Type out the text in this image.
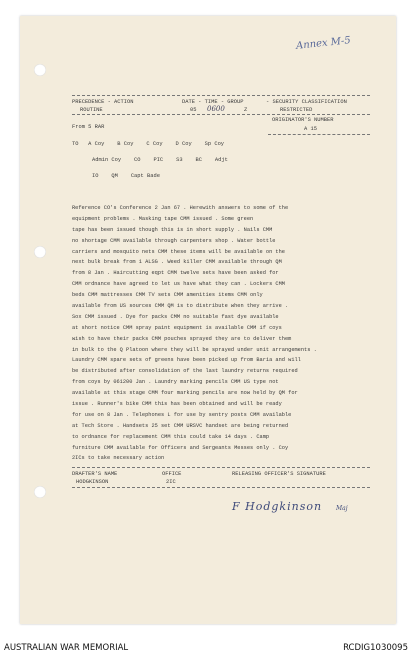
Annex M-5
PRECEDENCE - ACTION
ROUTINE
DATE - TIME - GROUP
05 0600	Z
- SECURITY CLASSIFICATION
RESTRICTED
ORIGINATOR'S NUMBER
A 15
From 5 RAR
TO   A Coy    B Coy    C Coy    D Coy    Sp Coy
Admin Coy    CO    PIC    S3    BC    Adjt
IO    QM    Capt Bade
Reference CO's Conference 2 Jan 67 . Herewith answers to some of the
equipment problems . Masking tape CMM issued . Some green
tape has been issued though this is in short supply . Nails CMM
no shortage CMM available through carpenters shop . Water bottle
carriers and mosquito nets CMM these items will be available on the
next bulk break from 1 ALSG . Weed killer CMM available through QM
from 8 Jan . Haircutting eqpt CMM twelve sets have been asked for
CMM ordnance have agreed to let us have what they can . Lockers CMM
beds CMM mattresses CMM TV sets CMM amenities items CMM only
available from US sources CMM QM is to distribute when they arrive .
Sox CMM issued . Dye for packs CMM no suitable fast dye available
at short notice CMM spray paint equipment is available CMM if coys
wish to have their packs CMM pouches sprayed they are to deliver them
in bulk to the Q Platoon where they will be sprayed under unit arrangements .
Laundry CMM spare sets of greens have been picked up from Baria and will
be distributed after consolidation of the last laundry returns required
from coys by 061200 Jan . Laundry marking pencils CMM US type not
available at this stage CMM four marking pencils are now held by QM for
issue . Runner's bike CMM this has been obtained and will be ready
for use on 8 Jan . Telephones L for use by sentry posts CMM available
at Tech Store . Handsets 25 set CMM URSVC handset are being returned
to ordnance for replacement CMM this could take 14 days . Camp
furniture CMM available for Officers and Sergeants Messes only . Coy
2ICs to take necessary action
DRAFTER'S NAME
HODGKINSON
OFFICE
2IC
RELEASING OFFICER'S SIGNATURE
F Hodgkinson Maj
AUSTRALIAN WAR MEMORIAL	RCDIG1030095
